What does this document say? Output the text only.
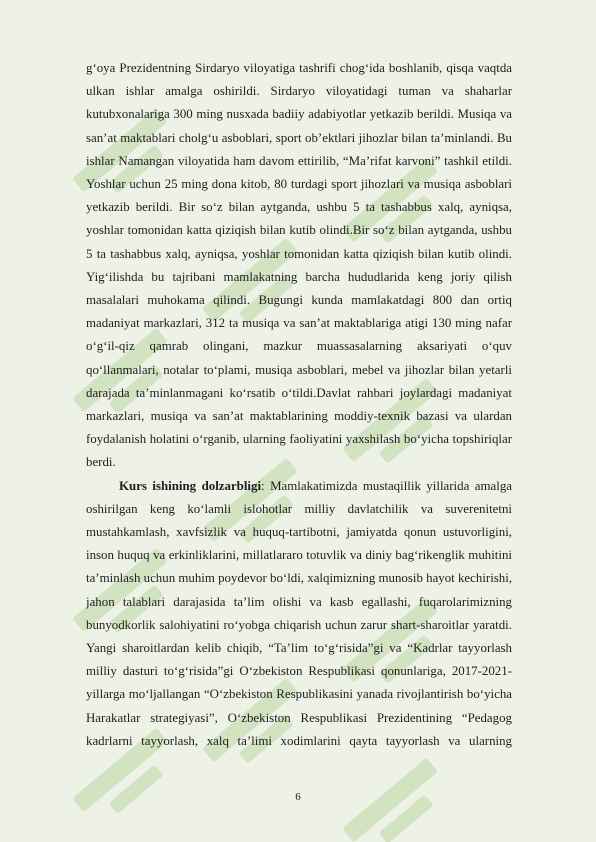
g‘oya Prezidentning Sirdaryo viloyatiga tashrifi chog‘ida boshlanib, qisqa vaqtda
ulkan ishlar amalga oshirildi. Sirdaryo viloyatidagi tuman va shaharlar
kutubxonalariga 300 ming nusxada badiiy adabiyotlar yetkazib berildi. Musiqa va
san’at maktablari cholg‘u asboblari, sport ob’ektlari jihozlar bilan ta’minlandi. Bu
ishlar Namangan viloyatida ham davom ettirilib, “Ma’rifat karvoni” tashkil etildi.
Yoshlar uchun 25 ming dona kitob, 80 turdagi sport jihozlari va musiqa asboblari
yetkazib berildi. Bir so‘z bilan aytganda, ushbu 5 ta tashabbus xalq, ayniqsa,
yoshlar tomonidan katta qiziqish bilan kutib olindi.Bir so‘z bilan aytganda, ushbu
5 ta tashabbus xalq, ayniqsa, yoshlar tomonidan katta qiziqish bilan kutib olindi.
Yig‘ilishda bu tajribani mamlakatning barcha hududlarida keng joriy qilish
masalalari muhokama qilindi. Bugungi kunda mamlakatdagi 800 dan ortiq
madaniyat markazlari, 312 ta musiqa va san’at maktablariga atigi 130 ming nafar
o‘g‘il-qiz qamrab olingani, mazkur muassasalarning aksariyati o‘quv
qo‘llanmalari, notalar to‘plami, musiqa asboblari, mebel va jihozlar bilan yetarli
darajada ta’minlanmagani ko‘rsatib o‘tildi.Davlat rahbari joylardagi madaniyat
markazlari, musiqa va san’at maktablarining moddiy-texnik bazasi va ulardan
foydalanish holatini o‘rganib, ularning faoliyatini yaxshilash bo‘yicha topshiriqlar
berdi.

Kurs ishining dolzarbligi: Mamlakatimizda mustaqillik yillarida amalga
oshirilgan keng ko‘lamli islohotlar milliy davlatchilik va suverenitetni
mustahkamlash, xavfsizlik va huquq-tartibotni, jamiyatda qonun ustuvorligini,
inson huquq va erkinliklarini, millatlararo totuvlik va diniy bag‘rikenglik muhitini
ta’minlash uchun muhim poydevor bo‘ldi, xalqimizning munosib hayot kechirishi,
jahon talablari darajasida ta’lim olishi va kasb egallashi, fuqarolarimizning
bunyodkorlik salohiyatini ro‘yobga chiqarish uchun zarur shart-sharoitlar yaratdi.
Yangi sharoitlardan kelib chiqib, “Ta’lim to‘g‘risida”gi va “Kadrlar tayyorlash
milliy dasturi to‘g‘risida”gi O‘zbekiston Respublikasi qonunlariga, 2017-2021-
yillarga mo‘ljallangan “O‘zbekiston Respublikasini yanada rivojlantirish bo‘yicha
Harakatlar strategiyasi”, O‘zbekiston Respublikasi Prezidentining “Pedagog
kadrlarni tayyorlash, xalq ta’limi xodimlarini qayta tayyorlash va ularning

6
